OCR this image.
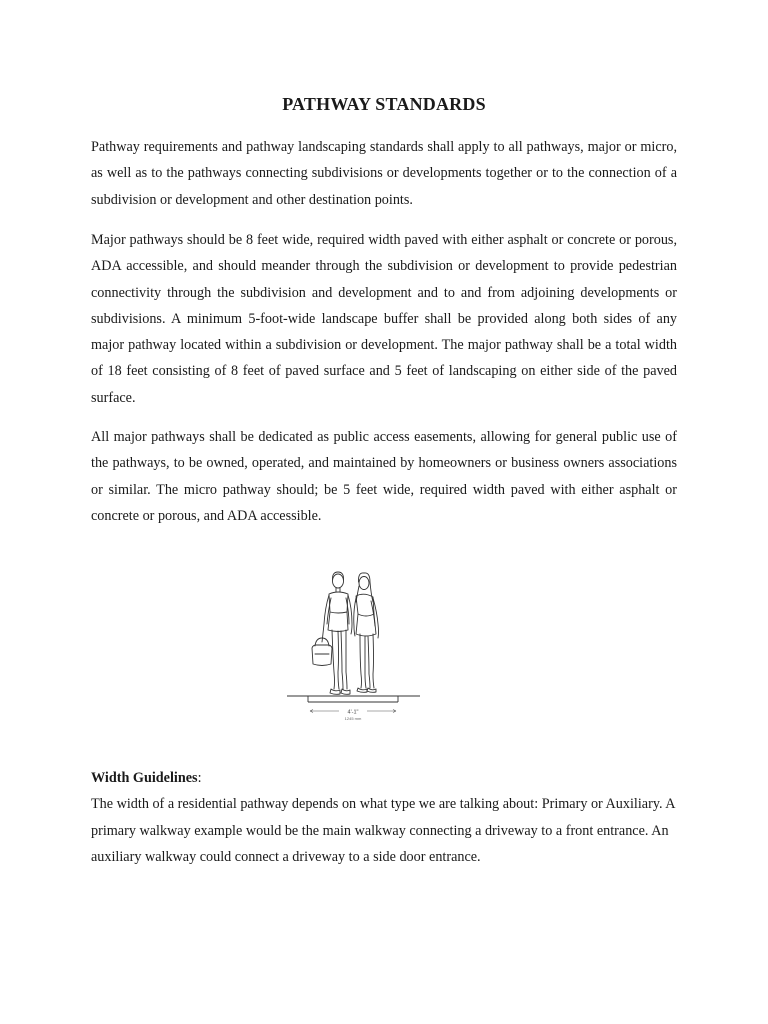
PATHWAY STANDARDS

Pathway requirements and pathway landscaping standards shall apply to all pathways, major or micro, as well as to the pathways connecting subdivisions or developments together or to the connection of a subdivision or development and other destination points.

Major pathways should be 8 feet wide, required width paved with either asphalt or concrete or porous, ADA accessible, and should meander through the subdivision or development to provide pedestrian connectivity through the subdivision and development and to and from adjoining developments or subdivisions. A minimum 5-foot-wide landscape buffer shall be provided along both sides of any major pathway located within a subdivision or development. The major pathway shall be a total width of 18 feet consisting of 8 feet of paved surface and 5 feet of landscaping on either side of the paved surface.

All major pathways shall be dedicated as public access easements, allowing for general public use of the pathways, to be owned, operated, and maintained by homeowners or business owners associations or similar. The micro pathway should; be 5 feet wide, required width paved with either asphalt or concrete or porous, and ADA accessible.

4'-1"
1245 mm
Width Guidelines:
The width of a residential pathway depends on what type we are talking about: Primary or Auxiliary. A primary walkway example would be the main walkway connecting a driveway to a front entrance. An auxiliary walkway could connect a driveway to a side door entrance.
